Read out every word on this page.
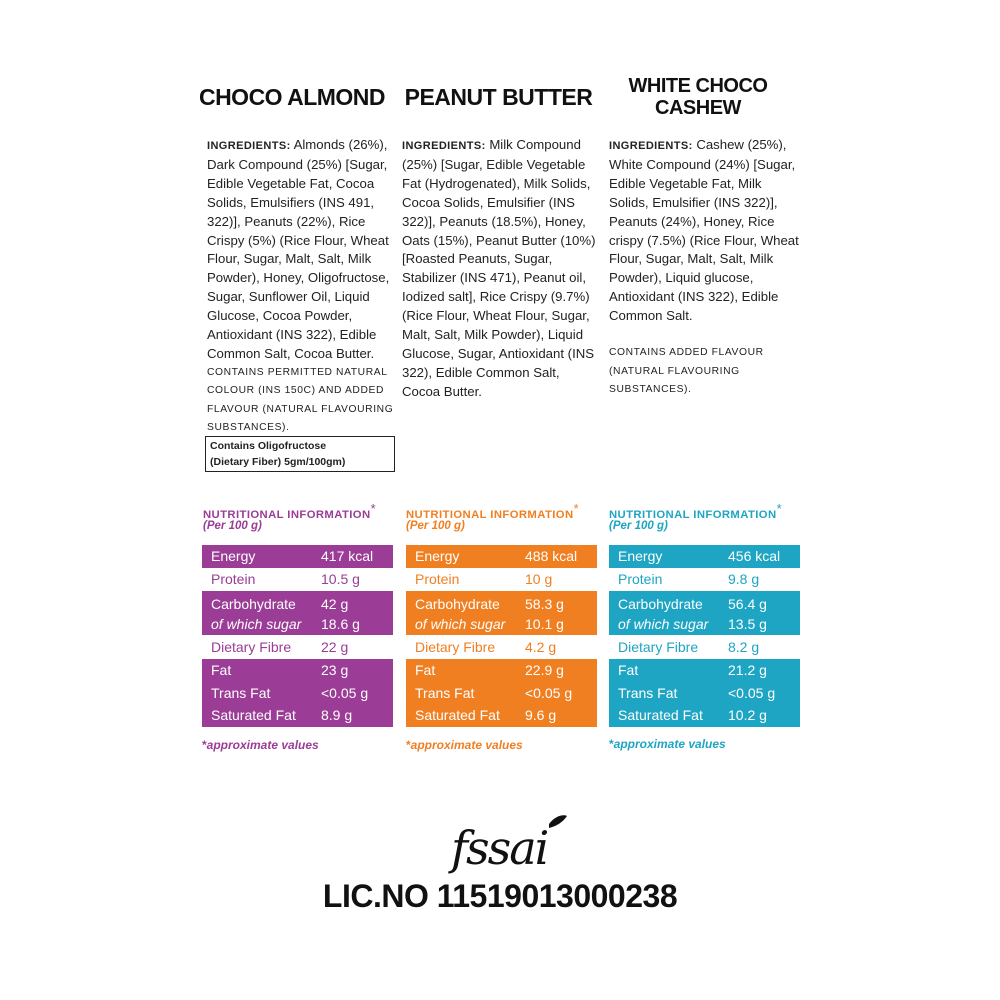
CHOCO ALMOND
INGREDIENTS: Almonds (26%), Dark Compound (25%) [Sugar, Edible Vegetable Fat, Cocoa Solids, Emulsifiers (INS 491, 322)], Peanuts (22%), Rice Crispy (5%) (Rice Flour, Wheat Flour, Sugar, Malt, Salt, Milk Powder), Honey, Oligofructose, Sugar, Sunflower Oil, Liquid Glucose, Cocoa Powder, Antioxidant (INS 322), Edible Common Salt, Cocoa Butter.
CONTAINS PERMITTED NATURAL COLOUR (INS 150C) AND ADDED FLAVOUR (NATURAL FLAVOURING SUBSTANCES).
Contains Oligofructose
(Dietary Fiber) 5gm/100gm)
NUTRITIONAL INFORMATION*
(Per 100 g)
Energy	417 kcal
Protein	10.5 g
Carbohydrate	42 g
of which sugar	18.6 g
Dietary Fibre	22 g
Fat	23 g
Trans Fat	<0.05 g
Saturated Fat	8.9 g
*approximate values
PEANUT BUTTER
INGREDIENTS: Milk Compound (25%) [Sugar, Edible Vegetable Fat (Hydrogenated), Milk Solids, Cocoa Solids, Emulsifier (INS 322)], Peanuts (18.5%), Honey, Oats (15%), Peanut Butter (10%) [Roasted Peanuts, Sugar, Stabilizer (INS 471), Peanut oil, Iodized salt], Rice Crispy (9.7%) (Rice Flour, Wheat Flour, Sugar, Malt, Salt, Milk Powder), Liquid Glucose, Sugar, Antioxidant (INS 322), Edible Common Salt, Cocoa Butter.
NUTRITIONAL INFORMATION*
(Per 100 g)
Energy	488 kcal
Protein	10 g
Carbohydrate	58.3 g
of which sugar	10.1 g
Dietary Fibre	4.2 g
Fat	22.9 g
Trans Fat	<0.05 g
Saturated Fat	9.6 g
*approximate values
WHITE CHOCO
CASHEW
INGREDIENTS: Cashew (25%), White Compound (24%) [Sugar, Edible Vegetable Fat, Milk Solids, Emulsifier (INS 322)], Peanuts (24%), Honey, Rice crispy (7.5%) (Rice Flour, Wheat Flour, Sugar, Malt, Salt, Milk Powder), Liquid glucose, Antioxidant (INS 322), Edible Common Salt.
CONTAINS ADDED FLAVOUR (NATURAL FLAVOURING SUBSTANCES).
NUTRITIONAL INFORMATION*
(Per 100 g)
Energy	456 kcal
Protein	9.8 g
Carbohydrate	56.4 g
of which sugar	13.5 g
Dietary Fibre	8.2 g
Fat	21.2 g
Trans Fat	<0.05 g
Saturated Fat	10.2 g
*approximate values
fssai
LIC.NO 11519013000238
